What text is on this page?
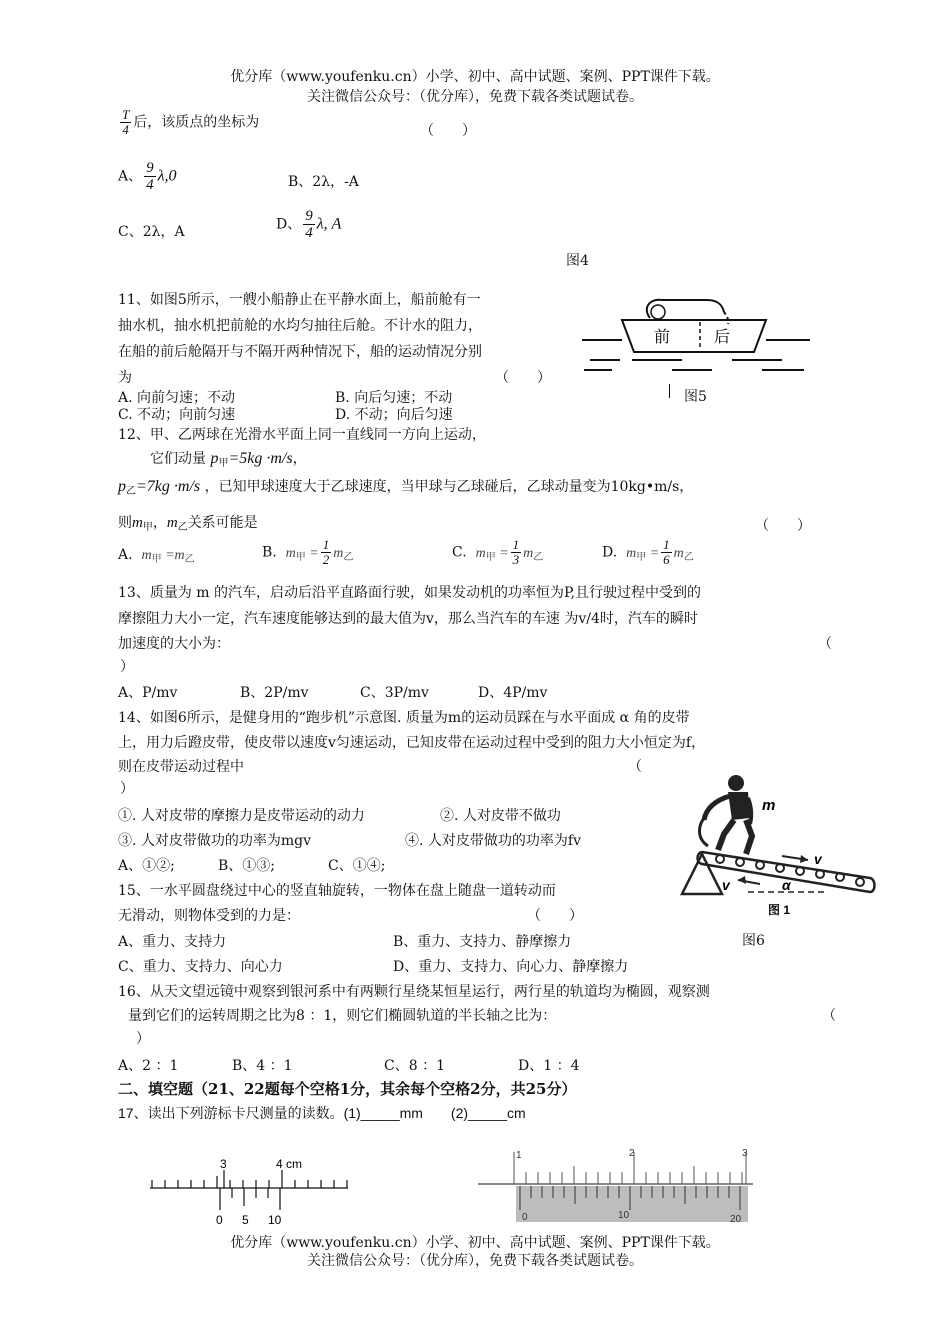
优分库（www.youfenku.cn）小学、初中、高中试题、案例、PPT课件下载。
关注微信公众号：（优分库），免费下载各类试题试卷。
$\frac{T}{4}$ 后，该质点的坐标为
（　　）
A、 $\frac{9}{4} \lambda,0$	B、2λ，-A
C、2λ，A	D、 $\frac{9}{4} \lambda$, A
图4
11、如图5所示，一艘小船静止在平静水面上，船前舱有一
抽水机，抽水机把前舱的水均匀抽往后舱。不计水的阻力，
在船的前后舱隔开与不隔开两种情况下，船的运动情况分别
为	（　　）
A. 向前匀速；不动	B. 向后匀速；不动
C. 不动；向前匀速	D. 不动；向后匀速
前	后
图5
12、甲、乙两球在光滑水平面上同一直线同一方向上运动，
它们动量 $p_甲=5kg \cdot m/s$，
$p_乙=7kg \cdot m/s$ ，已知甲球速度大于乙球速度，当甲球与乙球碰后，乙球动量变为10kg•m/s，
则$m_甲$，$m_乙$关系可能是	（　　）
A. $m_甲 =m_乙$	B. $m_甲 = \frac{1}{2} m_乙$	C. $m_甲 = \frac{1}{3} m_乙$	D. $m_甲 = \frac{1}{6} m_乙$
13、质量为 m 的汽车，启动后沿平直路面行驶，如果发动机的功率恒为P,且行驶过程中受到的
摩擦阻力大小一定，汽车速度能够达到的最大值为v，那么当汽车的车速 为v/4时，汽车的瞬时
加速度的大小为：	（
）
A、P/mv	B、2P/mv	C、3P/mv	D、4P/mv
14、如图6所示，是健身用的“跑步机”示意图. 质量为m的运动员踩在与水平面成 α 角的皮带
上，用力后蹬皮带，使皮带以速度v匀速运动，已知皮带在运动过程中受到的阻力大小恒定为f，
则在皮带运动过程中	（
）
①. 人对皮带的摩擦力是皮带运动的动力	②. 人对皮带不做功
③. 人对皮带做功的功率为mgv	④. 人对皮带做功的功率为fv
A、①②;	B、①③;	C、①④;
m
v
v	α
图 1
图6
15、一水平圆盘绕过中心的竖直轴旋转，一物体在盘上随盘一道转动而
无滑动，则物体受到的力是：	（　　）
A、重力、支持力	B、重力、支持力、静摩擦力
C、重力、支持力、向心力	D、重力、支持力、向心力、静摩擦力
16、从天文望远镜中观察到银河系中有两颗行星绕某恒星运行，两行星的轨道均为椭圆，观察测
量到它们的运转周期之比为8 ：1，则它们椭圆轨道的半长轴之比为：	（
）
A、2 ：1	B、4 ：1	C、8 ：1	D、1 ：4
二、填空题（21、22题每个空格1分，其余每个空格2分，共25分）
17、读出下列游标卡尺测量的读数。(1)_____mm　　(2)_____cm
3	4 cm
0 5 10
1	2	3
0	10	20
优分库（www.youfenku.cn）小学、初中、高中试题、案例、PPT课件下载。
关注微信公众号：（优分库），免费下载各类试题试卷。
